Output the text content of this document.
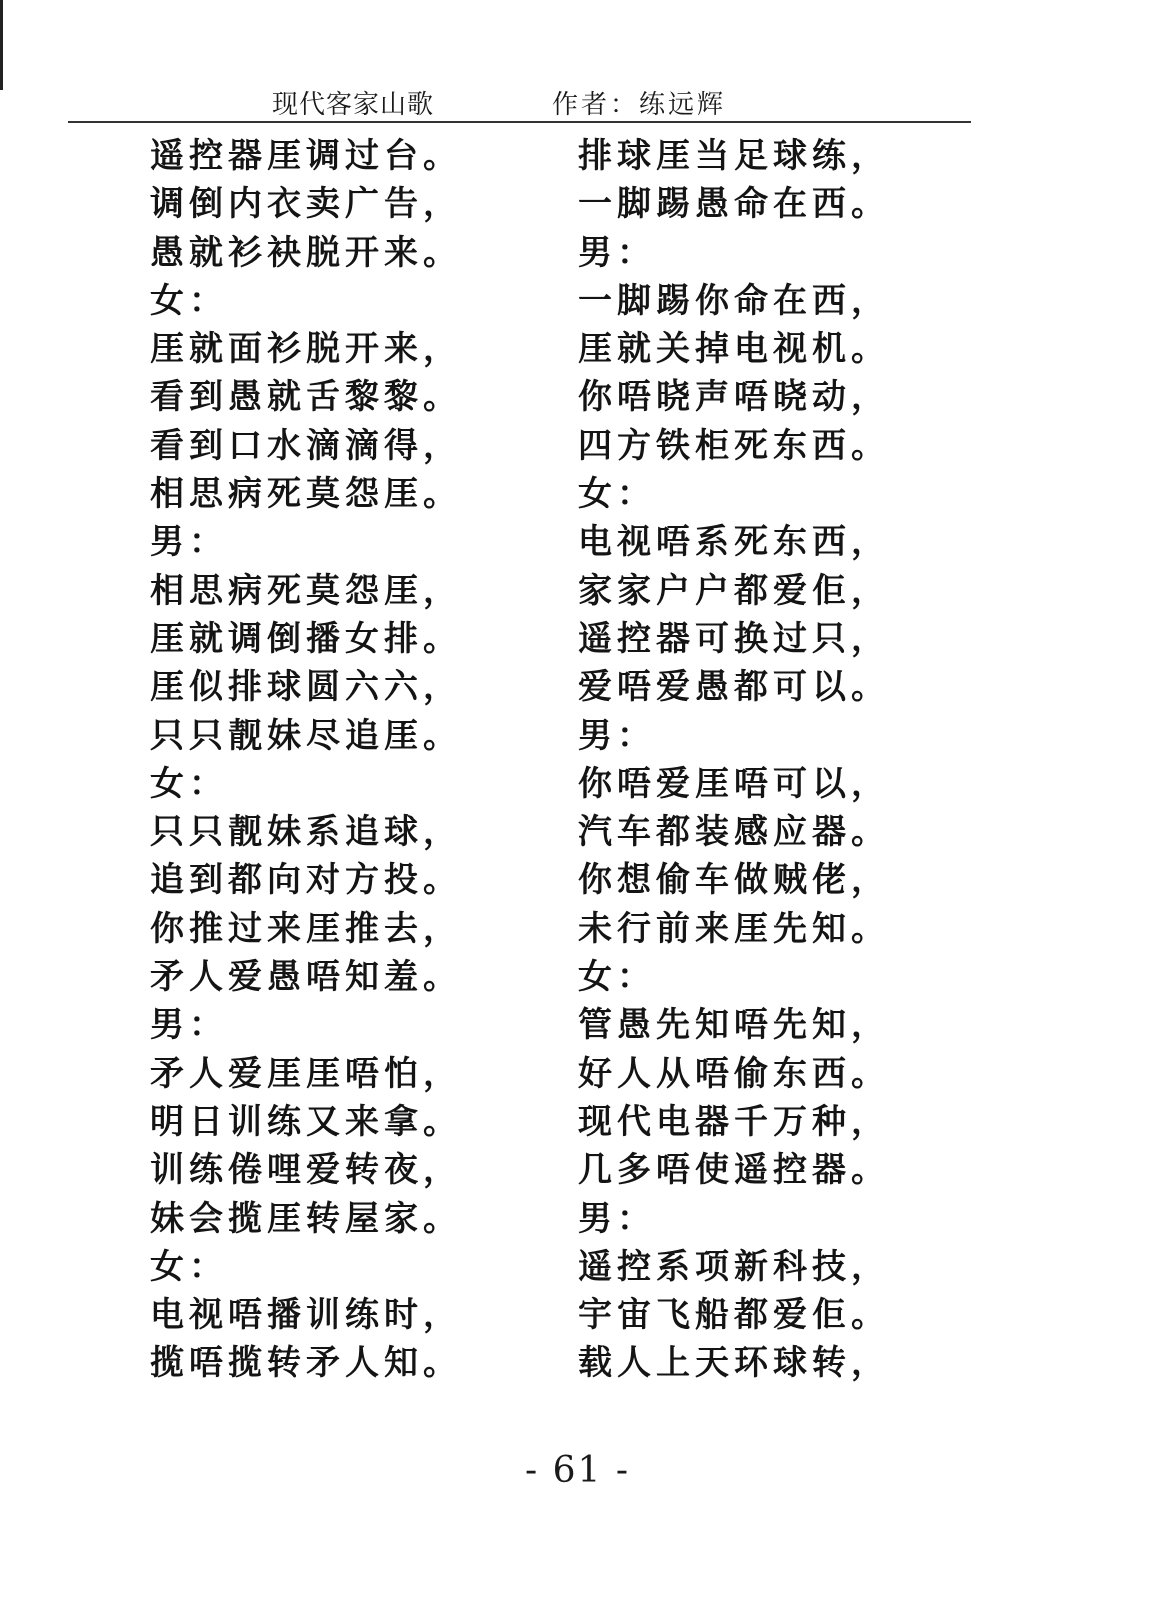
现代客家山歌	作者：练远辉
遥控器厓调过台。
调倒内衣卖广告，
愚就衫袂脱开来。
女：
厓就面衫脱开来，
看到愚就舌黎黎。
看到口水滴滴得，
相思病死莫怨厓。
男：
相思病死莫怨厓，
厓就调倒播女排。
厓似排球圆六六，
只只靓妹尽追厓。
女：
只只靓妹系追球，
追到都向对方投。
你推过来厓推去，
矛人爱愚唔知羞。
男：
矛人爱厓厓唔怕，
明日训练又来拿。
训练倦哩爱转夜，
妹会揽厓转屋家。
女：
电视唔播训练时，
揽唔揽转矛人知。
排球厓当足球练，
一脚踢愚命在西。
男：
一脚踢你命在西，
厓就关掉电视机。
你唔晓声唔晓动，
四方铁柜死东西。
女：
电视唔系死东西，
家家户户都爱佢，
遥控器可换过只，
爱唔爱愚都可以。
男：
你唔爱厓唔可以，
汽车都装感应器。
你想偷车做贼佬，
未行前来厓先知。
女：
管愚先知唔先知，
好人从唔偷东西。
现代电器千万种，
几多唔使遥控器。
男：
遥控系项新科技，
宇宙飞船都爱佢。
载人上天环球转，
- 61 -
